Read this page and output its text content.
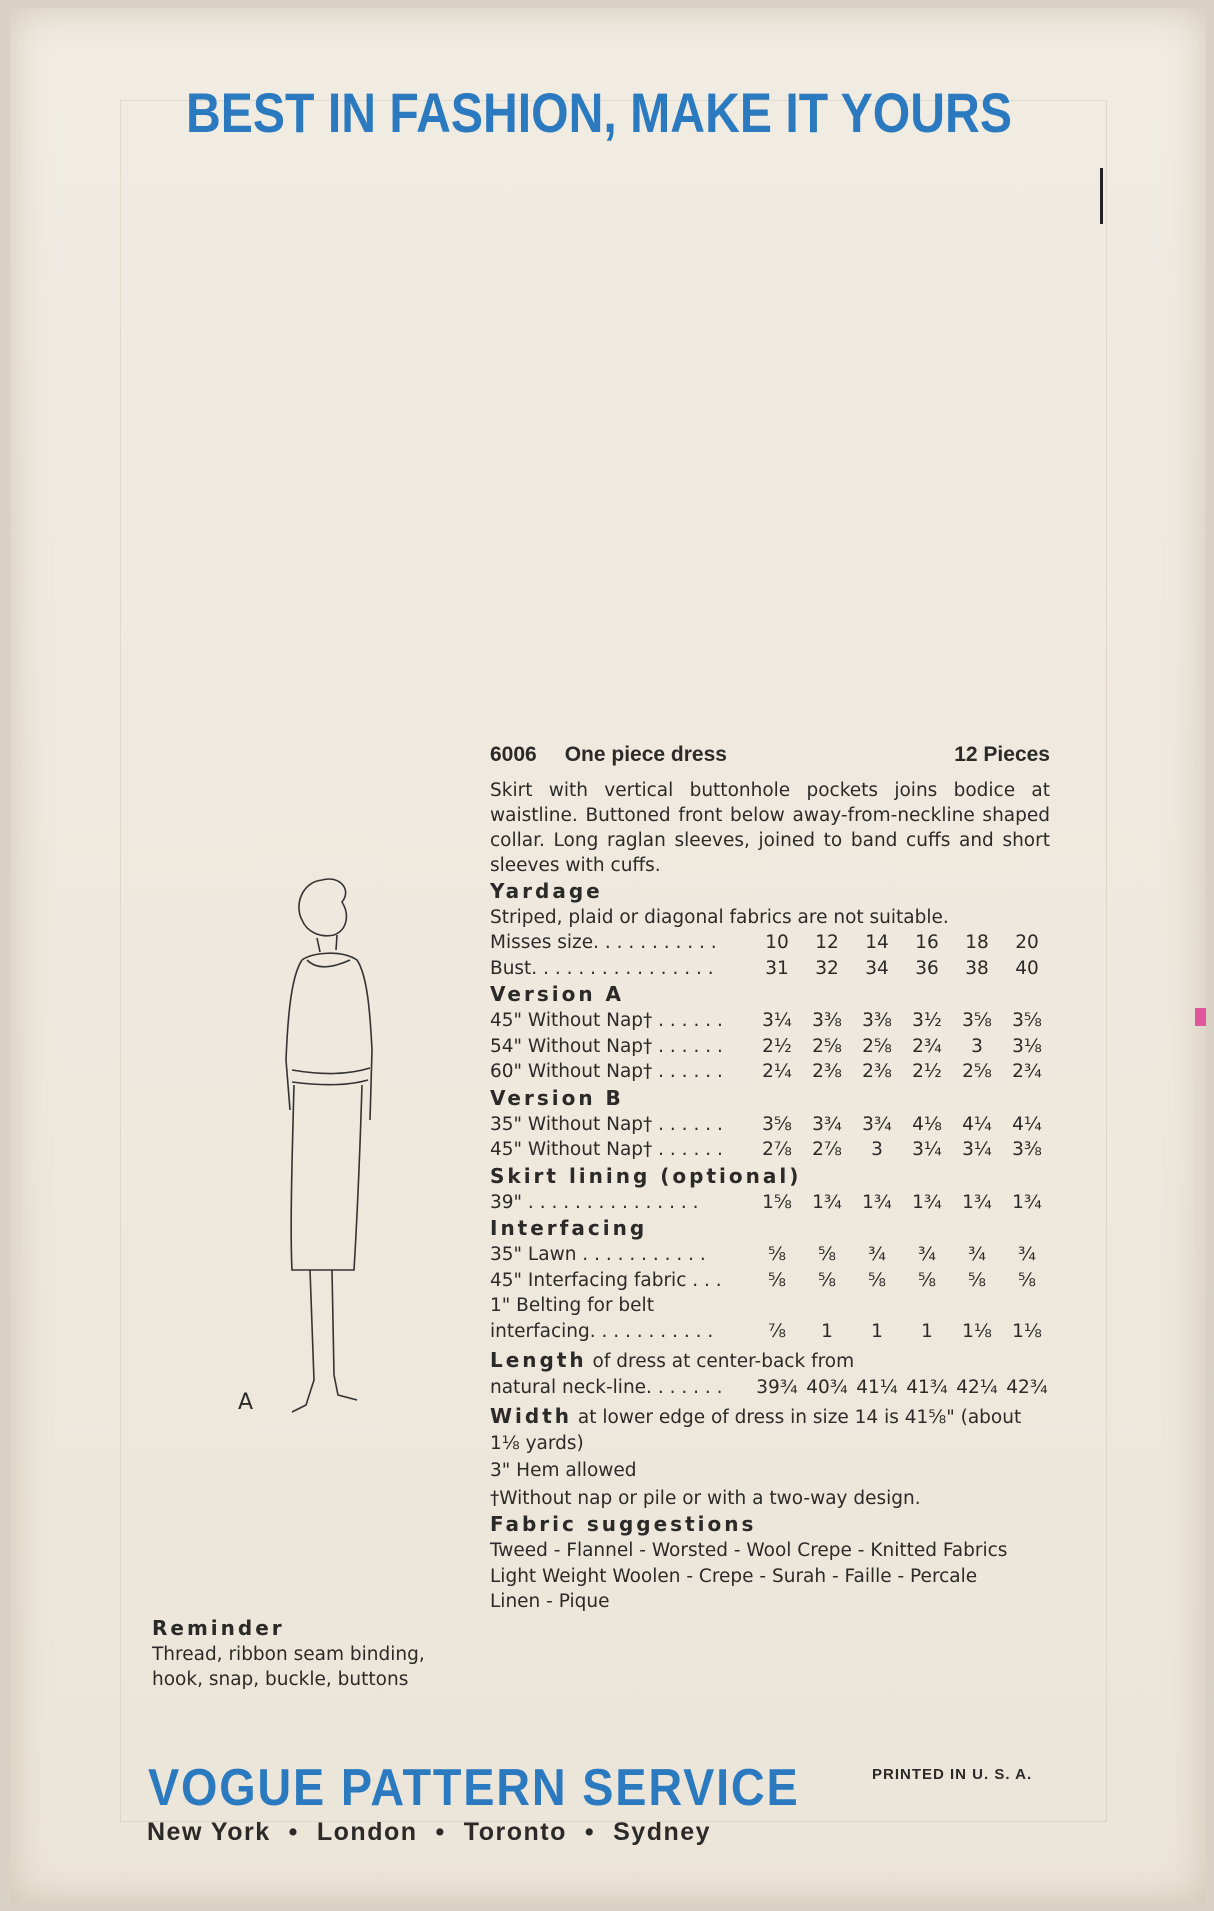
BEST IN FASHION, MAKE IT YOURS
6006 One piece dress	12 Pieces

Skirt with vertical buttonhole pockets joins bodice at waistline. Buttoned front below away-from-neckline shaped collar. Long raglan sleeves, joined to band cuffs and short sleeves with cuffs.

Yardage
Striped, plaid or diagonal fabrics are not suitable.
Misses size. . . . . . . . . . .	10	12	14	16	18	20
Bust. . . . . . . . . . . . . . . .	31	32	34	36	38	40
Version A
45" Without Nap† . . . . . .	3¼	3⅜	3⅜	3½	3⅝	3⅝
54" Without Nap† . . . . . .	2½	2⅝	2⅝	2¾	3	3⅛
60" Without Nap† . . . . . .	2¼	2⅜	2⅜	2½	2⅝	2¾
Version B
35" Without Nap† . . . . . .	3⅝	3¾	3¾	4⅛	4¼	4¼
45" Without Nap† . . . . . .	2⅞	2⅞	3	3¼	3¼	3⅜
Skirt lining (optional)
39" . . . . . . . . . . . . . . .	1⅝	1¾	1¾	1¾	1¾	1¾
Interfacing
35" Lawn . . . . . . . . . . .	⅝	⅝	¾	¾	¾	¾
45" Interfacing fabric . . .	⅝	⅝	⅝	⅝	⅝	⅝
1" Belting for belt
interfacing. . . . . . . . . . .	⅞	1	1	1	1⅛	1⅛
Length of dress at center-back from
natural neck-line. . . . . . .	39¾ 40¾ 41¼ 41¾ 42¼ 42¾
Width at lower edge of dress in size 14 is 41⅝" (about 1⅛ yards)
3" Hem allowed
†Without nap or pile or with a two-way design.
Fabric suggestions
Tweed - Flannel - Worsted - Wool Crepe - Knitted Fabrics
Light Weight Woolen - Crepe - Surah - Faille - Percale
Linen - Pique
A
Reminder
Thread, ribbon seam binding,
hook, snap, buckle, buttons
VOGUE PATTERN SERVICE
New York • London • Toronto • Sydney
PRINTED IN U. S. A.
